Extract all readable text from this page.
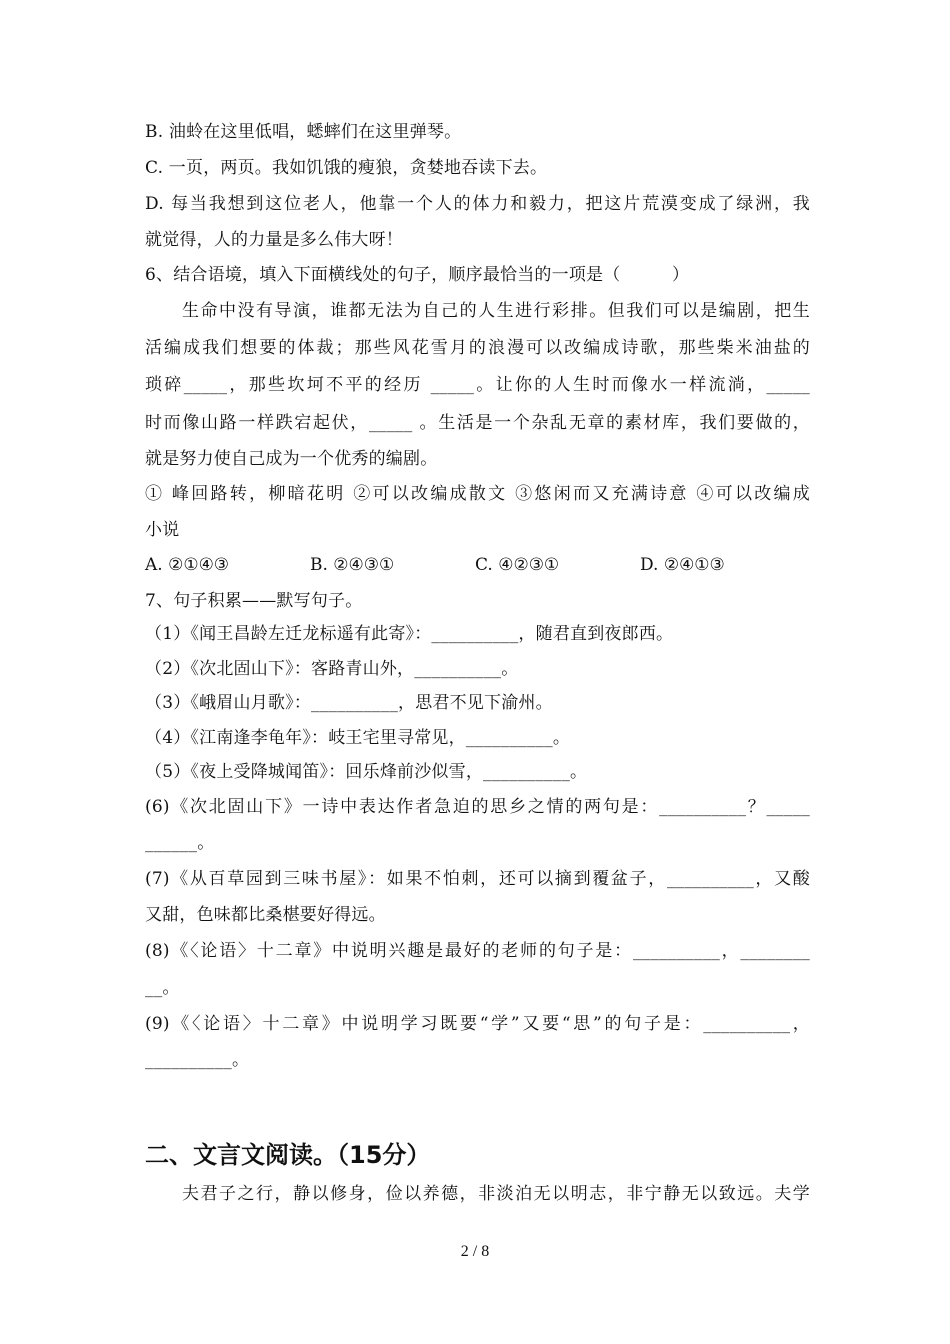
B. 油蛉在这里低唱，蟋蟀们在这里弹琴。
C. 一页，两页。我如饥饿的瘦狼，贪婪地吞读下去。
D. 每当我想到这位老人，他靠一个人的体力和毅力，把这片荒漠变成了绿洲，我
就觉得，人的力量是多么伟大呀！
6、结合语境，填入下面横线处的句子，顺序最恰当的一项是（　　　）
　　生命中没有导演，谁都无法为自己的人生进行彩排。但我们可以是编剧，把生
活编成我们想要的体裁；那些风花雪月的浪漫可以改编成诗歌，那些柴米油盐的
琐碎_____，那些坎坷不平的经历 _____。让你的人生时而像水一样流淌，_____
时而像山路一样跌宕起伏，_____ 。生活是一个杂乱无章的素材库，我们要做的，
就是努力使自己成为一个优秀的编剧。
① 峰回路转，柳暗花明 ②可以改编成散文 ③悠闲而又充满诗意 ④可以改编成
小说
A. ②①④③	B. ②④③①	C. ④②③①	D. ②④①③
7、句子积累——默写句子。
（1）《闻王昌龄左迁龙标遥有此寄》：__________，随君直到夜郎西。
（2）《次北固山下》：客路青山外，__________。
（3）《峨眉山月歌》：__________，思君不见下渝州。
（4）《江南逢李龟年》：岐王宅里寻常见，__________。
（5）《夜上受降城闻笛》：回乐烽前沙似雪，__________。
(6)《次北固山下》一诗中表达作者急迫的思乡之情的两句是：__________？_____
______。
(7)《从百草园到三味书屋》：如果不怕刺，还可以摘到覆盆子，__________，又酸
又甜，色味都比桑椹要好得远。
(8)《〈论语〉十二章》中说明兴趣是最好的老师的句子是：__________，________
__。
(9)《〈论语〉十二章》中说明学习既要“学”又要“思”的句子是：__________，
__________。
二、文言文阅读。（15分）
　　夫君子之行，静以修身，俭以养德，非淡泊无以明志，非宁静无以致远。夫学
2 / 8
